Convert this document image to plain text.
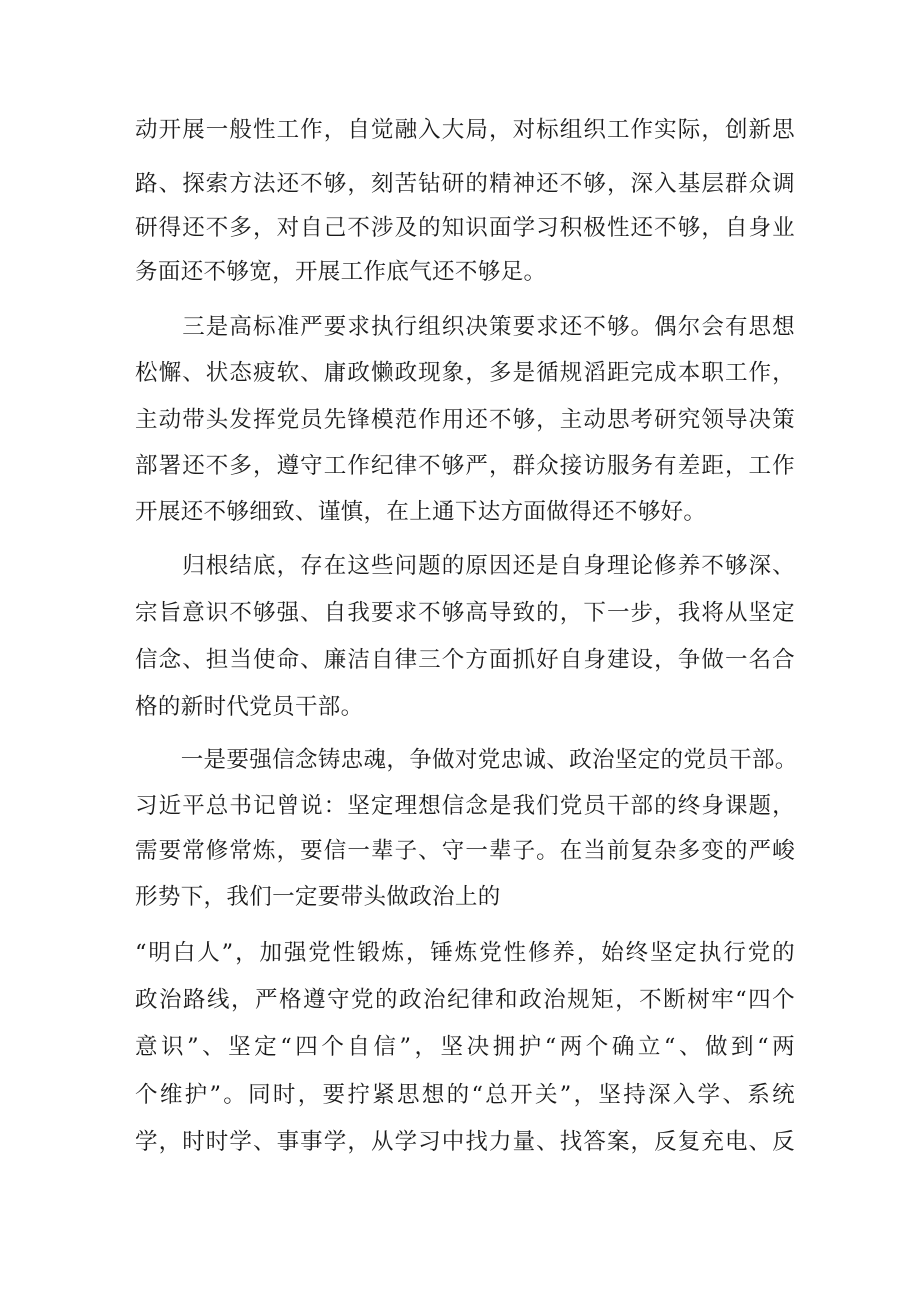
动开展一般性工作，自觉融入大局，对标组织工作实际，创新思
路、探索方法还不够，刻苦钻研的精神还不够，深入基层群众调
研得还不多，对自己不涉及的知识面学习积极性还不够，自身业
务面还不够宽，开展工作底气还不够足。
　　三是高标准严要求执行组织决策要求还不够。偶尔会有思想
松懈、状态疲软、庸政懒政现象，多是循规滔距完成本职工作，
主动带头发挥党员先锋模范作用还不够，主动思考研究领导决策
部署还不多，遵守工作纪律不够严，群众接访服务有差距，工作
开展还不够细致、谨慎，在上通下达方面做得还不够好。
　　归根结底，存在这些问题的原因还是自身理论修养不够深、
宗旨意识不够强、自我要求不够高导致的，下一步，我将从坚定
信念、担当使命、廉洁自律三个方面抓好自身建设，争做一名合
格的新时代党员干部。
　　一是要强信念铸忠魂，争做对党忠诚、政治坚定的党员干部。
习近平总书记曾说：坚定理想信念是我们党员干部的终身课题，
需要常修常炼，要信一辈子、守一辈子。在当前复杂多变的严峻
形势下，我们一定要带头做政治上的
“明白人”，加强党性锻炼，锤炼党性修养，始终坚定执行党的
政治路线，严格遵守党的政治纪律和政治规矩，不断树牢“四个
意识”、坚定“四个自信”，坚决拥护“两个确立“、做到“两
个维护”。同时，要拧紧思想的“总开关”，坚持深入学、系统
学，时时学、事事学，从学习中找力量、找答案，反复充电、反
